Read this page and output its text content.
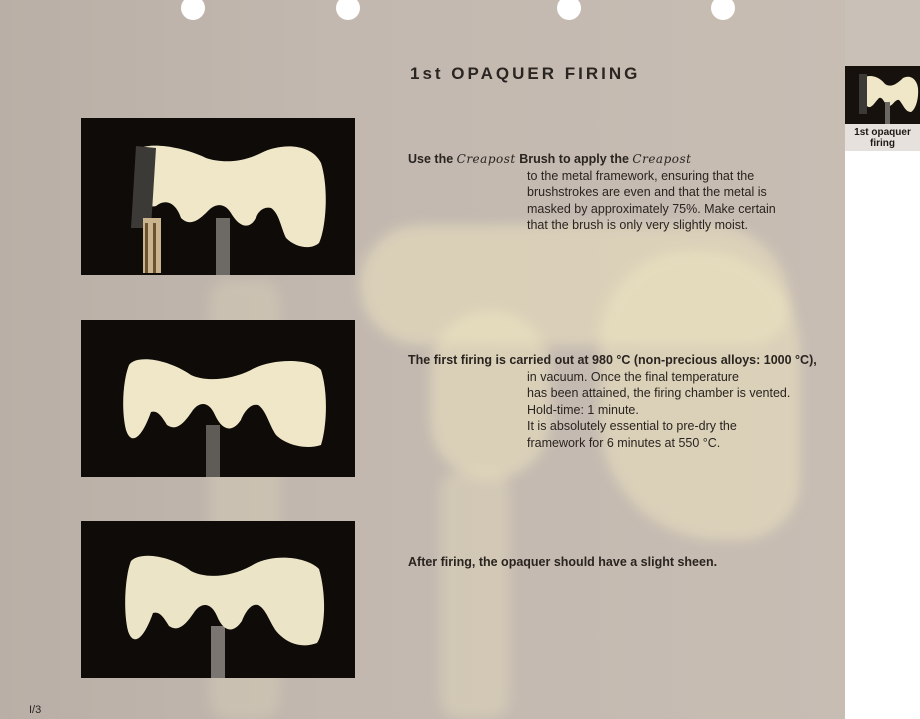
1st OPAQUER FIRING

Use the Creapost Brush to apply the Creapost

to the metal framework, ensuring that the
brushstrokes are even and that the metal is
masked by approximately 75%. Make certain
that the brush is only very slightly moist.

The first firing is carried out at 980 °C (non-precious alloys: 1000 °C),

in vacuum. Once the final temperature
has been attained, the firing chamber is vented.
Hold-time: 1 minute.
It is absolutely essential to pre-dry the
framework for 6 minutes at 550 °C.

After firing, the opaquer should have a slight sheen.

1st opaquer
firing
I/3
